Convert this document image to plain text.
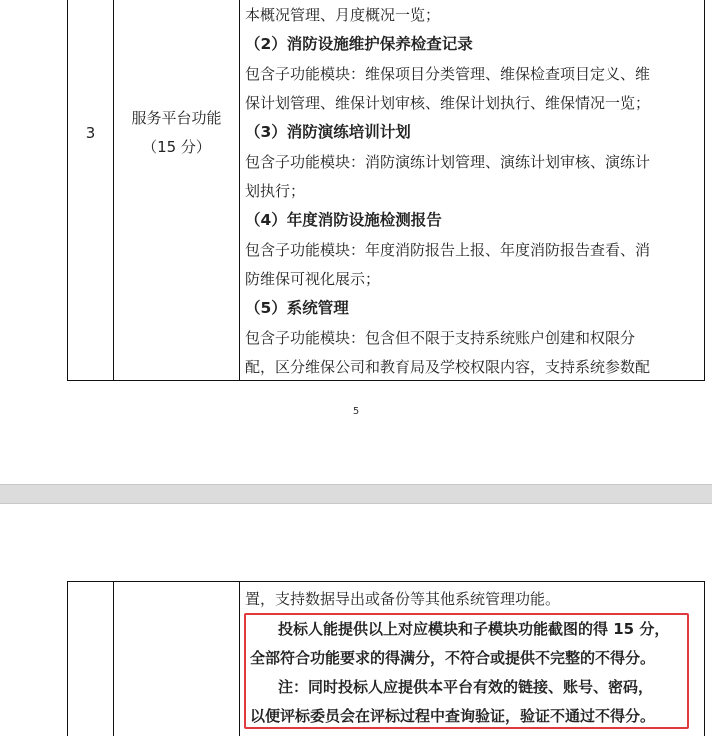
3
服务平台功能
（15 分）
本概况管理、月度概况一览；
（2）消防设施维护保养检查记录
包含子功能模块：维保项目分类管理、维保检查项目定义、维
保计划管理、维保计划审核、维保计划执行、维保情况一览；
（3）消防演练培训计划
包含子功能模块：消防演练计划管理、演练计划审核、演练计
划执行；
（4）年度消防设施检测报告
包含子功能模块：年度消防报告上报、年度消防报告查看、消
防维保可视化展示；
（5）系统管理
包含子功能模块：包含但不限于支持系统账户创建和权限分
配，区分维保公司和教育局及学校权限内容，支持系统参数配
5
置，支持数据导出或备份等其他系统管理功能。
投标人能提供以上对应模块和子模块功能截图的得 15 分，
全部符合功能要求的得满分，不符合或提供不完整的不得分。
注：同时投标人应提供本平台有效的链接、账号、密码，
以便评标委员会在评标过程中查询验证，验证不通过不得分。
